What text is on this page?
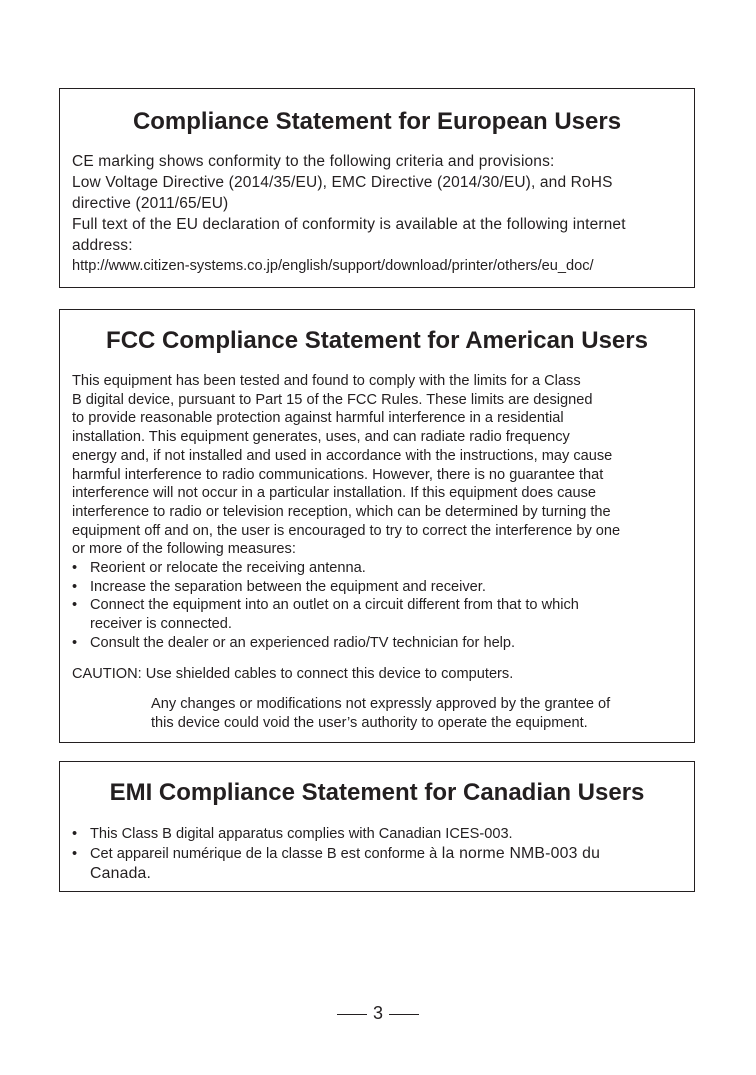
Compliance Statement for European Users
CE marking shows conformity to the following criteria and provisions:
Low Voltage Directive (2014/35/EU), EMC Directive (2014/30/EU), and RoHS
directive (2011/65/EU)
Full text of the EU declaration of conformity is available at the following internet
address:
http://www.citizen-systems.co.jp/english/support/download/printer/others/eu_doc/
FCC Compliance Statement for American Users
This equipment has been tested and found to comply with the limits for a Class
B digital device, pursuant to Part 15 of the FCC Rules. These limits are designed
to provide reasonable protection against harmful interference in a residential
installation. This equipment generates, uses, and can radiate radio frequency
energy and, if not installed and used in accordance with the instructions, may cause
harmful interference to radio communications. However, there is no guarantee that
interference will not occur in a particular installation. If this equipment does cause
interference to radio or television reception, which can be determined by turning the
equipment off and on, the user is encouraged to try to correct the interference by one
or more of the following measures:
• Reorient or relocate the receiving antenna.
• Increase the separation between the equipment and receiver.
• Connect the equipment into an outlet on a circuit different from that to which
receiver is connected.
• Consult the dealer or an experienced radio/TV technician for help.
CAUTION: Use shielded cables to connect this device to computers.
Any changes or modifications not expressly approved by the grantee of
this device could void the user’s authority to operate the equipment.
EMI Compliance Statement for Canadian Users
• This Class B digital apparatus complies with Canadian ICES-003.
• Cet appareil numérique de la classe B est conforme à la norme NMB-003 du
Canada.
3
